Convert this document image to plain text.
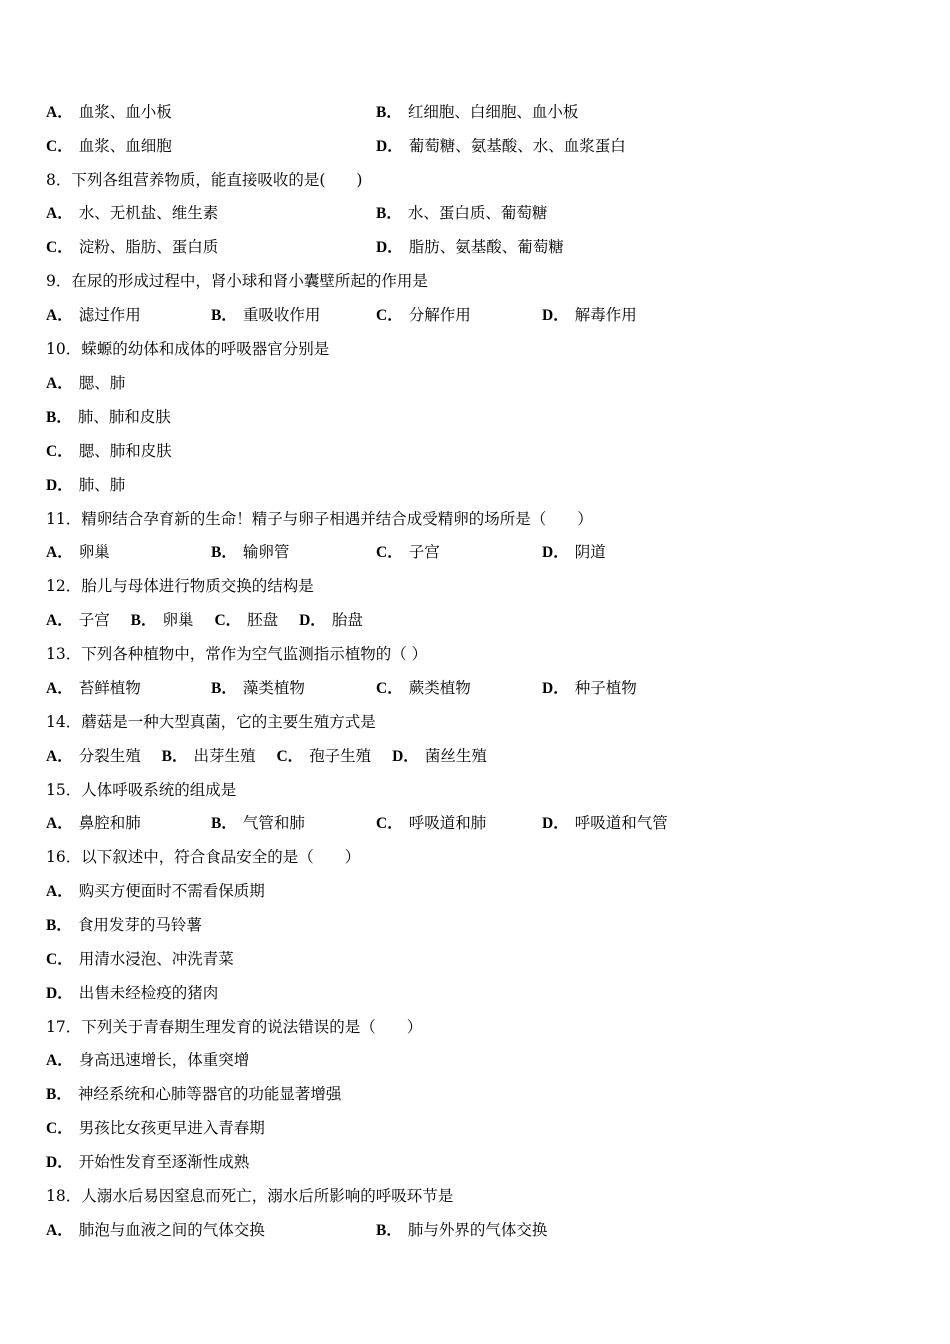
A． 血浆、血小板	B． 红细胞、白细胞、血小板
C． 血浆、血细胞	D． 葡萄糖、氨基酸、水、血浆蛋白
8．下列各组营养物质，能直接吸收的是(　　)
A． 水、无机盐、维生素	B． 水、蛋白质、葡萄糖
C． 淀粉、脂肪、蛋白质	D． 脂肪、氨基酸、葡萄糖
9．在尿的形成过程中，肾小球和肾小囊壁所起的作用是
A． 滤过作用	B． 重吸收作用	C． 分解作用	D． 解毒作用
10．蝾螈的幼体和成体的呼吸器官分别是
A． 腮、肺
B． 肺、肺和皮肤
C． 腮、肺和皮肤
D． 肺、肺
11．精卵结合孕育新的生命！精子与卵子相遇并结合成受精卵的场所是（　　）
A． 卵巢	B． 输卵管	C． 子宫	D． 阴道
12．胎儿与母体进行物质交换的结构是
A． 子宫 B． 卵巢 C． 胚盘 D． 胎盘
13．下列各种植物中，常作为空气监测指示植物的（ ）
A． 苔鲜植物	B． 藻类植物	C． 蕨类植物	D． 种子植物
14．蘑菇是一种大型真菌，它的主要生殖方式是
A． 分裂生殖 B． 出芽生殖 C． 孢子生殖 D． 菌丝生殖
15．人体呼吸系统的组成是
A． 鼻腔和肺	B． 气管和肺	C． 呼吸道和肺	D． 呼吸道和气管
16．以下叙述中，符合食品安全的是（　　）
A． 购买方便面时不需看保质期
B． 食用发芽的马铃薯
C． 用清水浸泡、冲洗青菜
D． 出售未经检疫的猪肉
17．下列关于青春期生理发育的说法错误的是（　　）
A． 身高迅速增长，体重突增
B． 神经系统和心肺等器官的功能显著增强
C． 男孩比女孩更早进入青春期
D． 开始性发育至逐渐性成熟
18．人溺水后易因窒息而死亡，溺水后所影响的呼吸环节是
A． 肺泡与血液之间的气体交换	B． 肺与外界的气体交换
